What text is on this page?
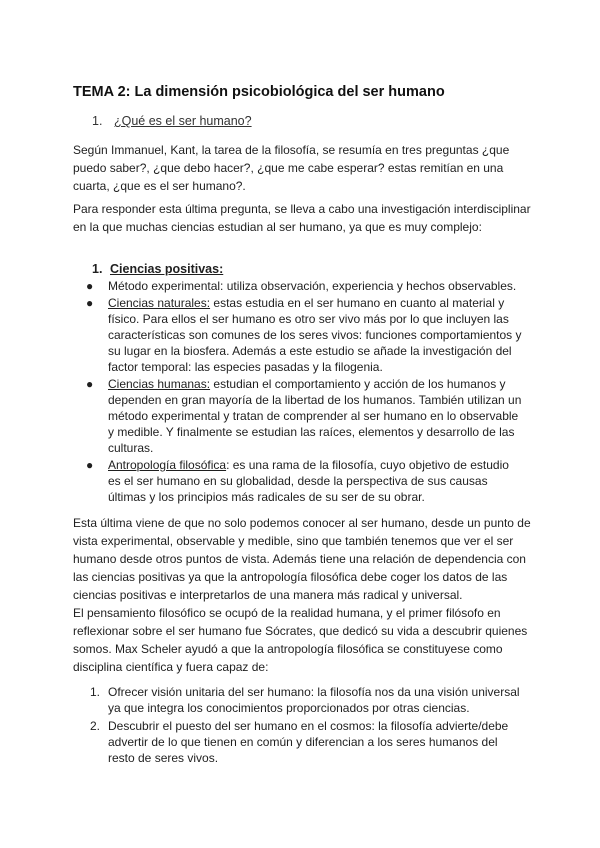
TEMA 2: La dimensión psicobiológica del ser humano
1. ¿Qué es el ser humano?

Según Immanuel, Kant, la tarea de la filosofía, se resumía en tres preguntas ¿que puedo saber?, ¿que debo hacer?, ¿que me cabe esperar? estas remitían en una cuarta, ¿que es el ser humano?.

Para responder esta última pregunta, se lleva a cabo una investigación interdisciplinar en la que muchas ciencias estudian al ser humano, ya que es muy complejo:

1. Ciencias positivas:
● Método experimental: utiliza observación, experiencia y hechos observables.
● Ciencias naturales: estas estudia en el ser humano en cuanto al material y físico. Para ellos el ser humano es otro ser vivo más por lo que incluyen las características son comunes de los seres vivos: funciones comportamientos y su lugar en la biosfera. Además a este estudio se añade la investigación del factor temporal: las especies pasadas y la filogenia.
● Ciencias humanas: estudian el comportamiento y acción de los humanos y dependen en gran mayoría de la libertad de los humanos. También utilizan un método experimental y tratan de comprender al ser humano en lo observable y medible. Y finalmente se estudian las raíces, elementos y desarrollo de las culturas.
● Antropología filosófica: es una rama de la filosofía, cuyo objetivo de estudio es el ser humano en su globalidad, desde la perspectiva de sus causas últimas y los principios más radicales de su ser de su obrar.

Esta última viene de que no solo podemos conocer al ser humano, desde un punto de vista experimental, observable y medible, sino que también tenemos que ver el ser humano desde otros puntos de vista. Además tiene una relación de dependencia con las ciencias positivas ya que la antropología filosófica debe coger los datos de las ciencias positivas e interpretarlos de una manera más radical y universal.

El pensamiento filosófico se ocupó de la realidad humana, y el primer filósofo en reflexionar sobre el ser humano fue Sócrates, que dedicó su vida a descubrir quienes somos. Max Scheler ayudó a que la antropología filosófica se constituyese como disciplina científica y fuera capaz de:

1. Ofrecer visión unitaria del ser humano: la filosofía nos da una visión universal ya que integra los conocimientos proporcionados por otras ciencias.
2. Descubrir el puesto del ser humano en el cosmos: la filosofía advierte/debe advertir de lo que tienen en común y diferencian a los seres humanos del resto de seres vivos.
